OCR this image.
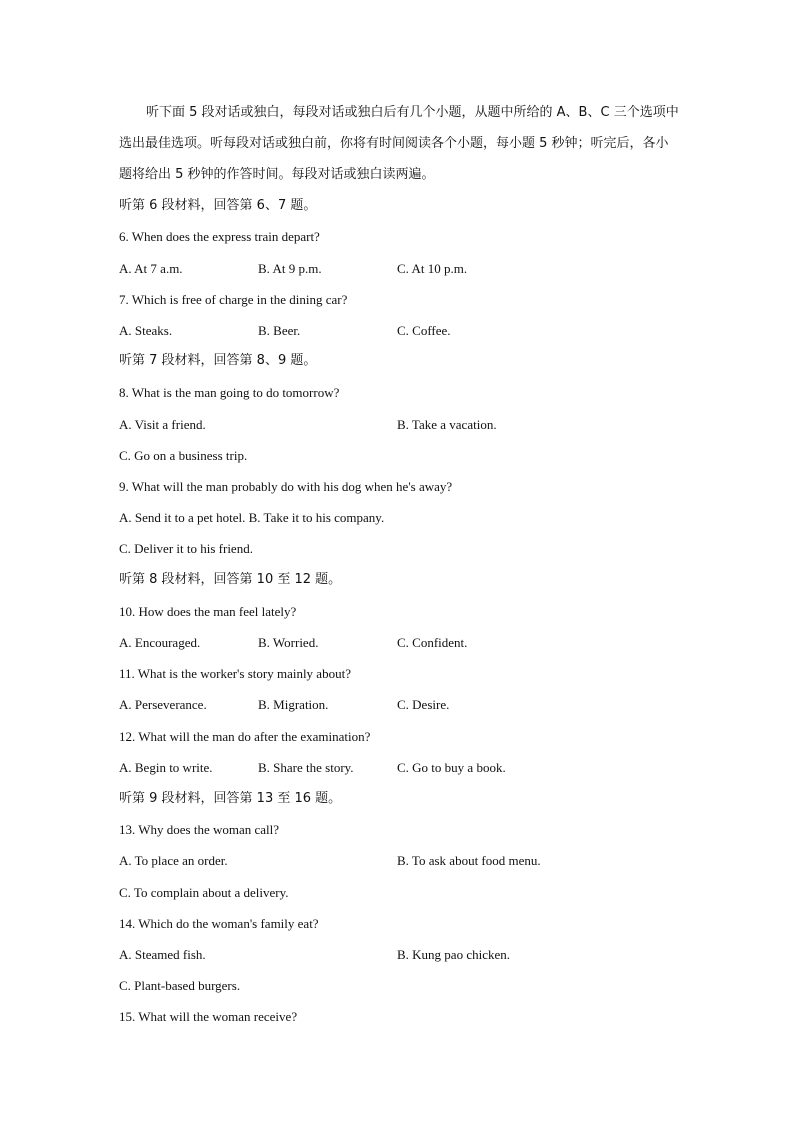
听下面 5 段对话或独白，每段对话或独白后有几个小题，从题中所给的 A、B、C 三个选项中选出最佳选项。听每段对话或独白前，你将有时间阅读各个小题，每小题 5 秒钟；听完后，各小题将给出 5 秒钟的作答时间。每段对话或独白读两遍。
听第 6 段材料，回答第 6、7 题。
6. When does the express train depart?
A. At 7 a.m.	B. At 9 p.m.	C. At 10 p.m.
7. Which is free of charge in the dining car?
A. Steaks.	B. Beer.	C. Coffee.
听第 7 段材料，回答第 8、9 题。
8. What is the man going to do tomorrow?
A. Visit a friend.	B. Take a vacation.
C. Go on a business trip.
9. What will the man probably do with his dog when he's away?
A. Send it to a pet hotel. B. Take it to his company.
C. Deliver it to his friend.
听第 8 段材料，回答第 10 至 12 题。
10. How does the man feel lately?
A. Encouraged.	B. Worried.	C. Confident.
11. What is the worker's story mainly about?
A. Perseverance.	B. Migration.	C. Desire.
12. What will the man do after the examination?
A. Begin to write.	B. Share the story.	C. Go to buy a book.
听第 9 段材料，回答第 13 至 16 题。
13. Why does the woman call?
A. To place an order.	B. To ask about food menu.
C. To complain about a delivery.
14. Which do the woman's family eat?
A. Steamed fish.	B. Kung pao chicken.
C. Plant-based burgers.
15. What will the woman receive?
